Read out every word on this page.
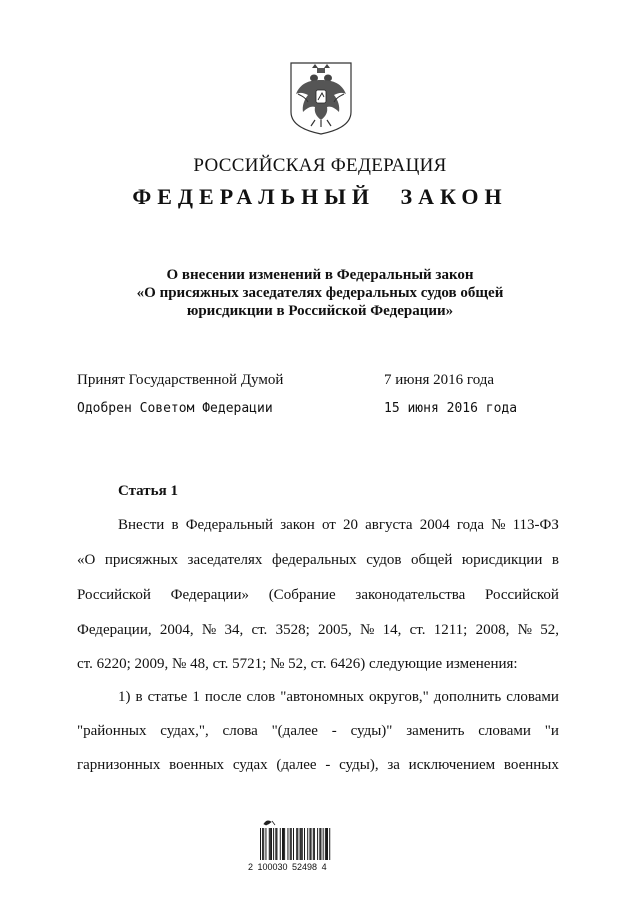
РОССИЙСКАЯ ФЕДЕРАЦИЯ
ФЕДЕРАЛЬНЫЙ ЗАКОН
О внесении изменений в Федеральный закон
«О присяжных заседателях федеральных судов общей
юрисдикции в Российской Федерации»
Принят Государственной Думой	7 июня 2016 года
Одобрен Советом Федерации	15 июня 2016 года
Статья 1
Внести в Федеральный закон от 20 августа 2004 года № 113-ФЗ
«О присяжных заседателях федеральных судов общей юрисдикции в
Российской Федерации» (Собрание законодательства Российской
Федерации, 2004, № 34, ст. 3528; 2005, № 14, ст. 1211; 2008, № 52,
ст. 6220; 2009, № 48, ст. 5721; № 52, ст. 6426) следующие изменения:
1) в статье 1 после слов "автономных округов," дополнить словами
"районных судах,", слова "(далее - суды)" заменить словами "и
гарнизонных военных судах (далее - суды), за исключением военных
2 100030 52498 4
